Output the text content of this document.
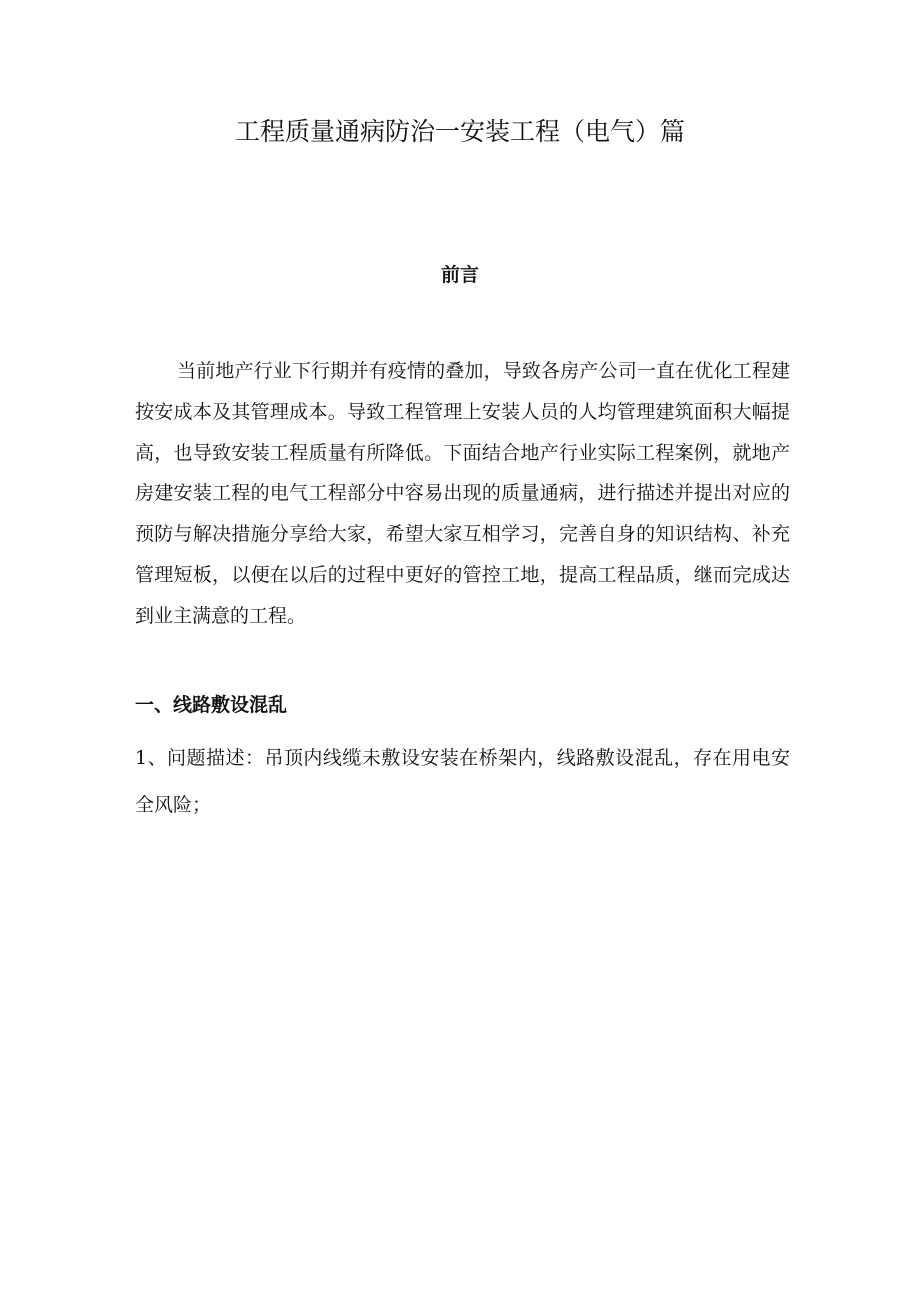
工程质量通病防治一安装工程（电气）篇
前言

当前地产行业下行期并有疫情的叠加，导致各房产公司一直在优化工程建按安成本及其管理成本。导致工程管理上安装人员的人均管理建筑面积大幅提高，也导致安装工程质量有所降低。下面结合地产行业实际工程案例，就地产房建安装工程的电气工程部分中容易出现的质量通病，进行描述并提出对应的预防与解决措施分享给大家，希望大家互相学习，完善自身的知识结构、补充管理短板，以便在以后的过程中更好的管控工地，提高工程品质，继而完成达到业主满意的工程。

一、线路敷设混乱

1、问题描述：吊顶内线缆未敷设安装在桥架内，线路敷设混乱，存在用电安全风险；
